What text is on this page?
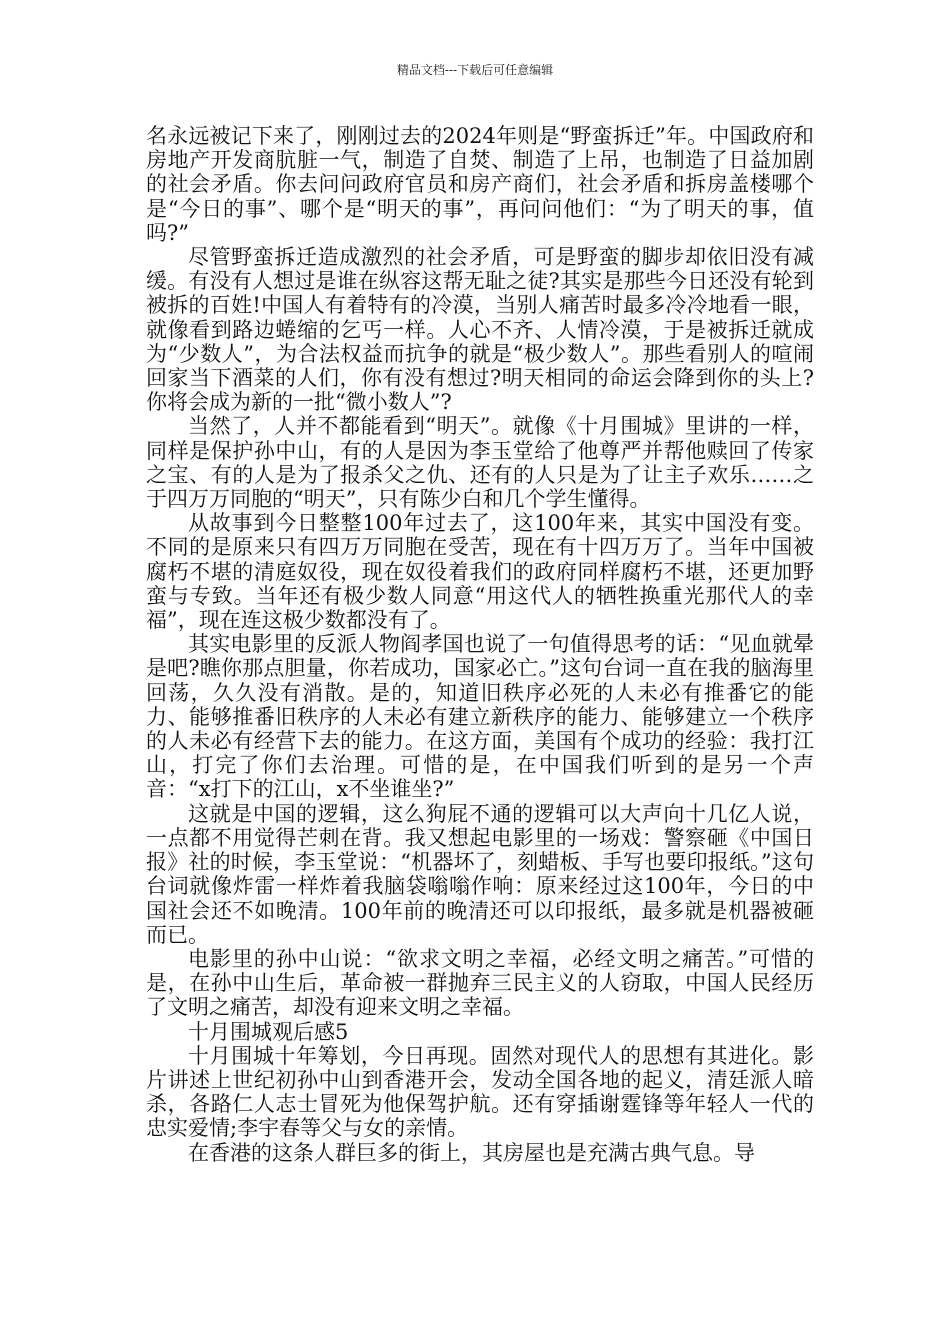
精品文档---下载后可任意编辑

名永远被记下来了，刚刚过去的2024年则是“野蛮拆迁”年。中国政府和房地产开发商肮脏一气，制造了自焚、制造了上吊，也制造了日益加剧的社会矛盾。你去问问政府官员和房产商们，社会矛盾和拆房盖楼哪个是“今日的事”、哪个是“明天的事”，再问问他们：“为了明天的事，值吗?”

尽管野蛮拆迁造成激烈的社会矛盾，可是野蛮的脚步却依旧没有减缓。有没有人想过是谁在纵容这帮无耻之徒?其实是那些今日还没有轮到被拆的百姓!中国人有着特有的冷漠，当别人痛苦时最多冷冷地看一眼，就像看到路边蜷缩的乞丐一样。人心不齐、人情冷漠，于是被拆迁就成为“少数人”，为合法权益而抗争的就是“极少数人”。那些看别人的喧闹回家当下酒菜的人们，你有没有想过?明天相同的命运会降到你的头上?你将会成为新的一批“微小数人”?

当然了，人并不都能看到“明天”。就像《十月围城》里讲的一样，同样是保护孙中山，有的人是因为李玉堂给了他尊严并帮他赎回了传家之宝、有的人是为了报杀父之仇、还有的人只是为了让主子欢乐……之于四万万同胞的“明天”，只有陈少白和几个学生懂得。

从故事到今日整整100年过去了，这100年来，其实中国没有变。不同的是原来只有四万万同胞在受苦，现在有十四万万了。当年中国被腐朽不堪的清庭奴役，现在奴役着我们的政府同样腐朽不堪，还更加野蛮与专致。当年还有极少数人同意“用这代人的牺牲换重光那代人的幸福”，现在连这极少数都没有了。

其实电影里的反派人物阎孝国也说了一句值得思考的话：“见血就晕是吧?瞧你那点胆量，你若成功，国家必亡。”这句台词一直在我的脑海里回荡，久久没有消散。是的，知道旧秩序必死的人未必有推番它的能力、能够推番旧秩序的人未必有建立新秩序的能力、能够建立一个秩序的人未必有经营下去的能力。在这方面，美国有个成功的经验：我打江山，打完了你们去治理。可惜的是，在中国我们听到的是另一个声音：“x打下的江山，x不坐谁坐?”

这就是中国的逻辑，这么狗屁不通的逻辑可以大声向十几亿人说，一点都不用觉得芒刺在背。我又想起电影里的一场戏：警察砸《中国日报》社的时候，李玉堂说：“机器坏了，刻蜡板、手写也要印报纸。”这句台词就像炸雷一样炸着我脑袋嗡嗡作响：原来经过这100年，今日的中国社会还不如晚清。100年前的晚清还可以印报纸，最多就是机器被砸而已。

电影里的孙中山说：“欲求文明之幸福，必经文明之痛苦。”可惜的是，在孙中山生后，革命被一群抛弃三民主义的人窃取，中国人民经历了文明之痛苦，却没有迎来文明之幸福。

十月围城观后感5

十月围城十年筹划，今日再现。固然对现代人的思想有其进化。影片讲述上世纪初孙中山到香港开会，发动全国各地的起义，清廷派人暗杀，各路仁人志士冒死为他保驾护航。还有穿插谢霆锋等年轻人一代的忠实爱情;李宇春等父与女的亲情。

在香港的这条人群巨多的街上，其房屋也是充满古典气息。导
